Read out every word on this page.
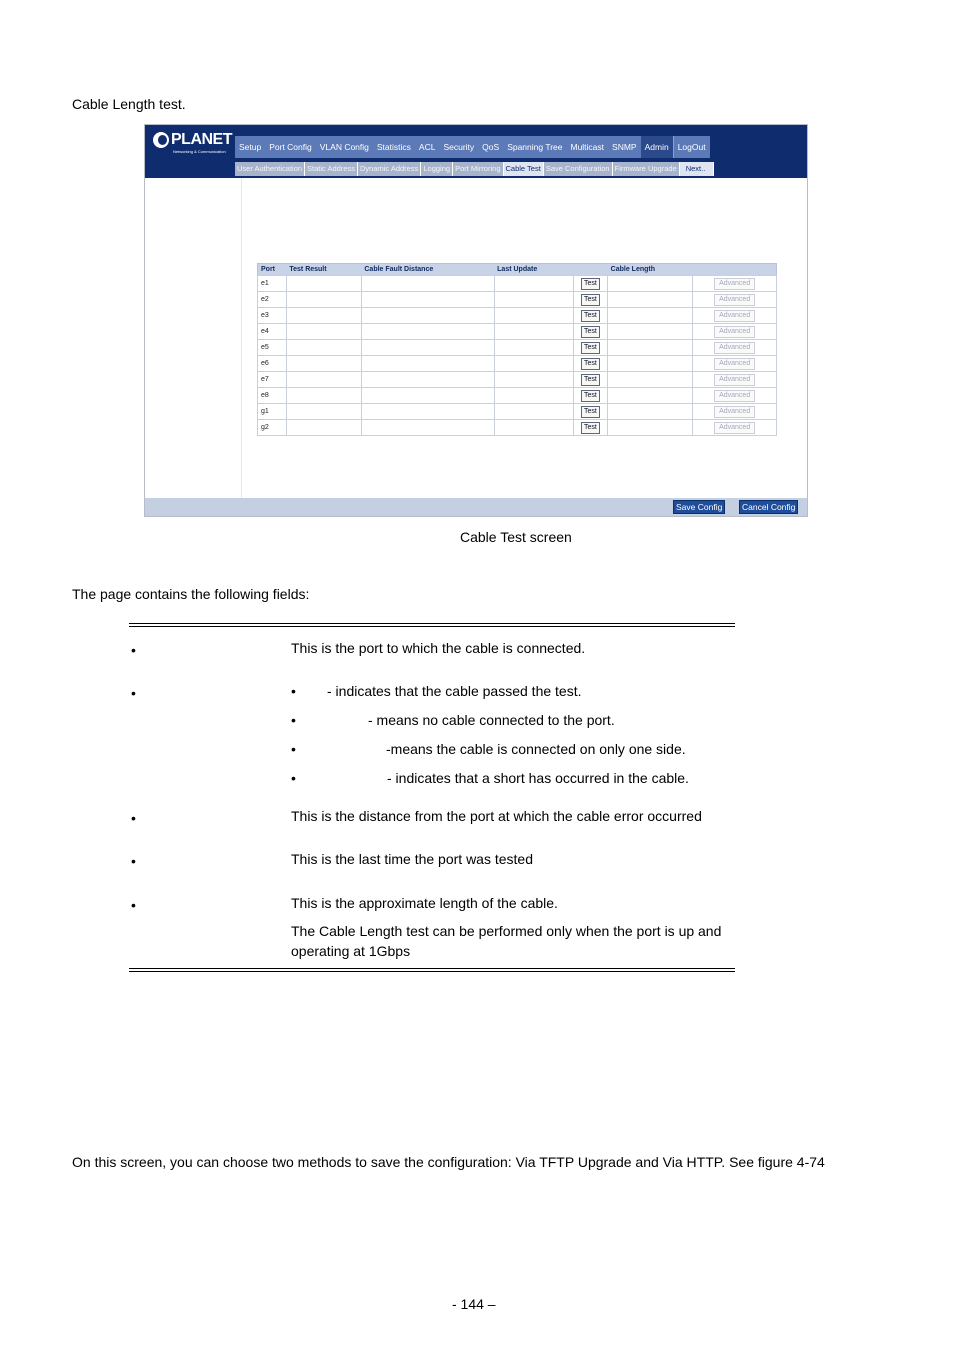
Cable Length test.
PLANET
Networking & Communication	Setup Port Config VLAN Config Statistics ACL Security QoS Spanning Tree Multicast SNMP Admin	LogOut
User Authentication Static Address Dynamic Address Logging Port Mirroring Cable Test Save Configuration Firmware Upgrade	Next..
Port	Test Result	Cable Fault Distance	Last Update		Cable Length	
e1				Test		Advanced
e2				Test		Advanced
e3				Test		Advanced
e4				Test		Advanced
e5				Test		Advanced
e6				Test		Advanced
e7				Test		Advanced
e8				Test		Advanced
g1				Test		Advanced
g2				Test		Advanced
Save Config	Cancel Config
Cable Test screen
The page contains the following fields:
•	This is the port to which the cable is connected.
•	• - indicates that the cable passed the test.
•	- means no cable connected to the port.
•	-means the cable is connected on only one side.
•	- indicates that a short has occurred in the cable.
•	This is the distance from the port at which the cable error occurred
•	This is the last time the port was tested
•	This is the approximate length of the cable.
The Cable Length test can be performed only when the port is up and
operating at 1Gbps
On this screen, you can choose two methods to save the configuration: Via TFTP Upgrade and Via HTTP. See figure 4-74
- 144 –
